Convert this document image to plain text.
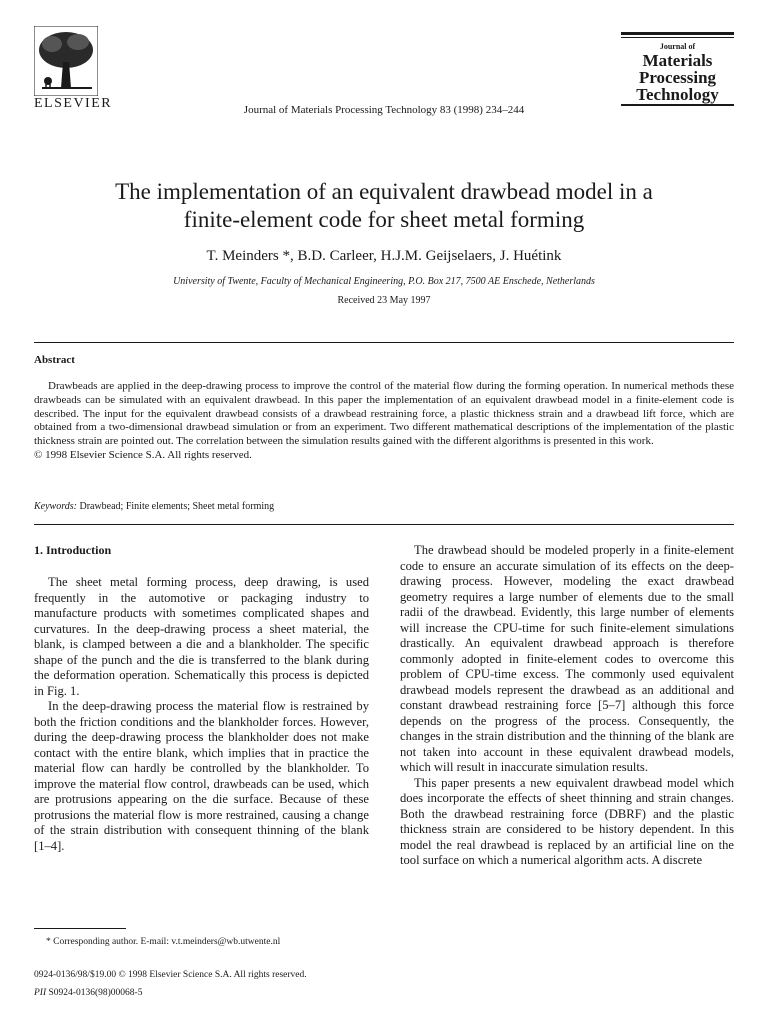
ELSEVIER	Journal of Materials Processing Technology 83 (1998) 234–244
Journal of
Materials
Processing
Technology
The implementation of an equivalent drawbead model in a
finite-element code for sheet metal forming
T. Meinders *, B.D. Carleer, H.J.M. Geijselaers, J. Huétink
University of Twente, Faculty of Mechanical Engineering, P.O. Box 217, 7500 AE Enschede, Netherlands
Received 23 May 1997
Abstract

Drawbeads are applied in the deep-drawing process to improve the control of the material flow during the forming operation. In numerical methods these drawbeads can be simulated with an equivalent drawbead. In this paper the implementation of an equivalent drawbead model in a finite-element code is described. The input for the equivalent drawbead consists of a drawbead restraining force, a plastic thickness strain and a drawbead lift force, which are obtained from a two-dimensional drawbead simulation or from an experiment. Two different mathematical descriptions of the implementation of the plastic thickness strain are pointed out. The correlation between the simulation results gained with the different algorithms is presented in this work.

© 1998 Elsevier Science S.A. All rights reserved.
Keywords: Drawbead; Finite elements; Sheet metal forming
1. Introduction

The sheet metal forming process, deep drawing, is used frequently in the automotive or packaging industry to manufacture products with sometimes complicated shapes and curvatures. In the deep-drawing process a sheet material, the blank, is clamped between a die and a blankholder. The specific shape of the punch and the die is transferred to the blank during the deformation operation. Schematically this process is depicted in Fig. 1.

In the deep-drawing process the material flow is restrained by both the friction conditions and the blankholder forces. However, during the deep-drawing process the blankholder does not make contact with the entire blank, which implies that in practice the material flow can hardly be controlled by the blankholder. To improve the material flow control, drawbeads can be used, which are protrusions appearing on the die surface. Because of these protrusions the material flow is more restrained, causing a change of the strain distribution with consequent thinning of the blank [1–4].

The drawbead should be modeled properly in a finite-element code to ensure an accurate simulation of its effects on the deep-drawing process. However, modeling the exact drawbead geometry requires a large number of elements due to the small radii of the drawbead. Evidently, this large number of elements will increase the CPU-time for such finite-element simulations drastically. An equivalent drawbead approach is therefore commonly adopted in finite-element codes to overcome this problem of CPU-time excess. The commonly used equivalent drawbead models represent the drawbead as an additional and constant drawbead restraining force [5–7] although this force depends on the progress of the process. Consequently, the changes in the strain distribution and the thinning of the blank are not taken into account in these equivalent drawbead models, which will result in inaccurate simulation results.

This paper presents a new equivalent drawbead model which does incorporate the effects of sheet thinning and strain changes. Both the drawbead restraining force (DBRF) and the plastic thickness strain are considered to be history dependent. In this model the real drawbead is replaced by an artificial line on the tool surface on which a numerical algorithm acts. A discrete

* Corresponding author. E-mail: v.t.meinders@wb.utwente.nl
0924-0136/98/$19.00 © 1998 Elsevier Science S.A. All rights reserved.
PII S0924-0136(98)00068-5
